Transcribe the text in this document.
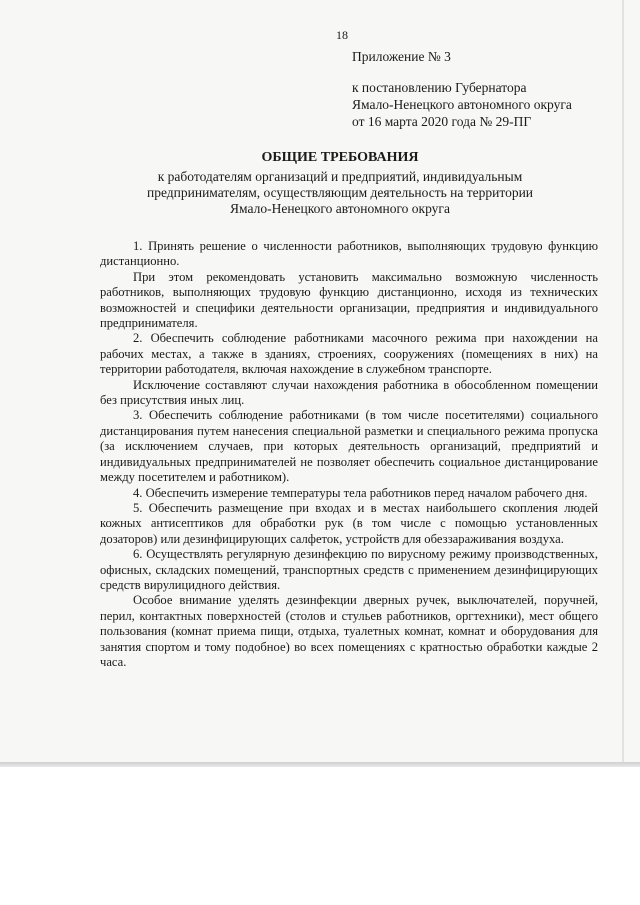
18
Приложение № 3
к постановлению Губернатора
Ямало-Ненецкого автономного округа
от 16 марта 2020 года № 29-ПГ
ОБЩИЕ ТРЕБОВАНИЯ
к работодателям организаций и предприятий, индивидуальным
предпринимателям, осуществляющим деятельность на территории
Ямало-Ненецкого автономного округа

1. Принять решение о численности работников, выполняющих трудовую функцию дистанционно.

При этом рекомендовать установить максимально возможную численность работников, выполняющих трудовую функцию дистанционно, исходя из технических возможностей и специфики деятельности организации, предприятия и индивидуального предпринимателя.

2. Обеспечить соблюдение работниками масочного режима при нахождении на рабочих местах, а также в зданиях, строениях, сооружениях (помещениях в них) на территории работодателя, включая нахождение в служебном транспорте.

Исключение составляют случаи нахождения работника в обособленном помещении без присутствия иных лиц.

3. Обеспечить соблюдение работниками (в том числе посетителями) социального дистанцирования путем нанесения специальной разметки и специального режима пропуска (за исключением случаев, при которых деятельность организаций, предприятий и индивидуальных предпринимателей не позволяет обеспечить социальное дистанцирование между посетителем и работником).

4. Обеспечить измерение температуры тела работников перед началом рабочего дня.

5. Обеспечить размещение при входах и в местах наибольшего скопления людей кожных антисептиков для обработки рук (в том числе с помощью установленных дозаторов) или дезинфицирующих салфеток, устройств для обеззараживания воздуха.

6. Осуществлять регулярную дезинфекцию по вирусному режиму производственных, офисных, складских помещений, транспортных средств с применением дезинфицирующих средств вирулицидного действия.

Особое внимание уделять дезинфекции дверных ручек, выключателей, поручней, перил, контактных поверхностей (столов и стульев работников, оргтехники), мест общего пользования (комнат приема пищи, отдыха, туалетных комнат, комнат и оборудования для занятия спортом и тому подобное) во всех помещениях с кратностью обработки каждые 2 часа.
